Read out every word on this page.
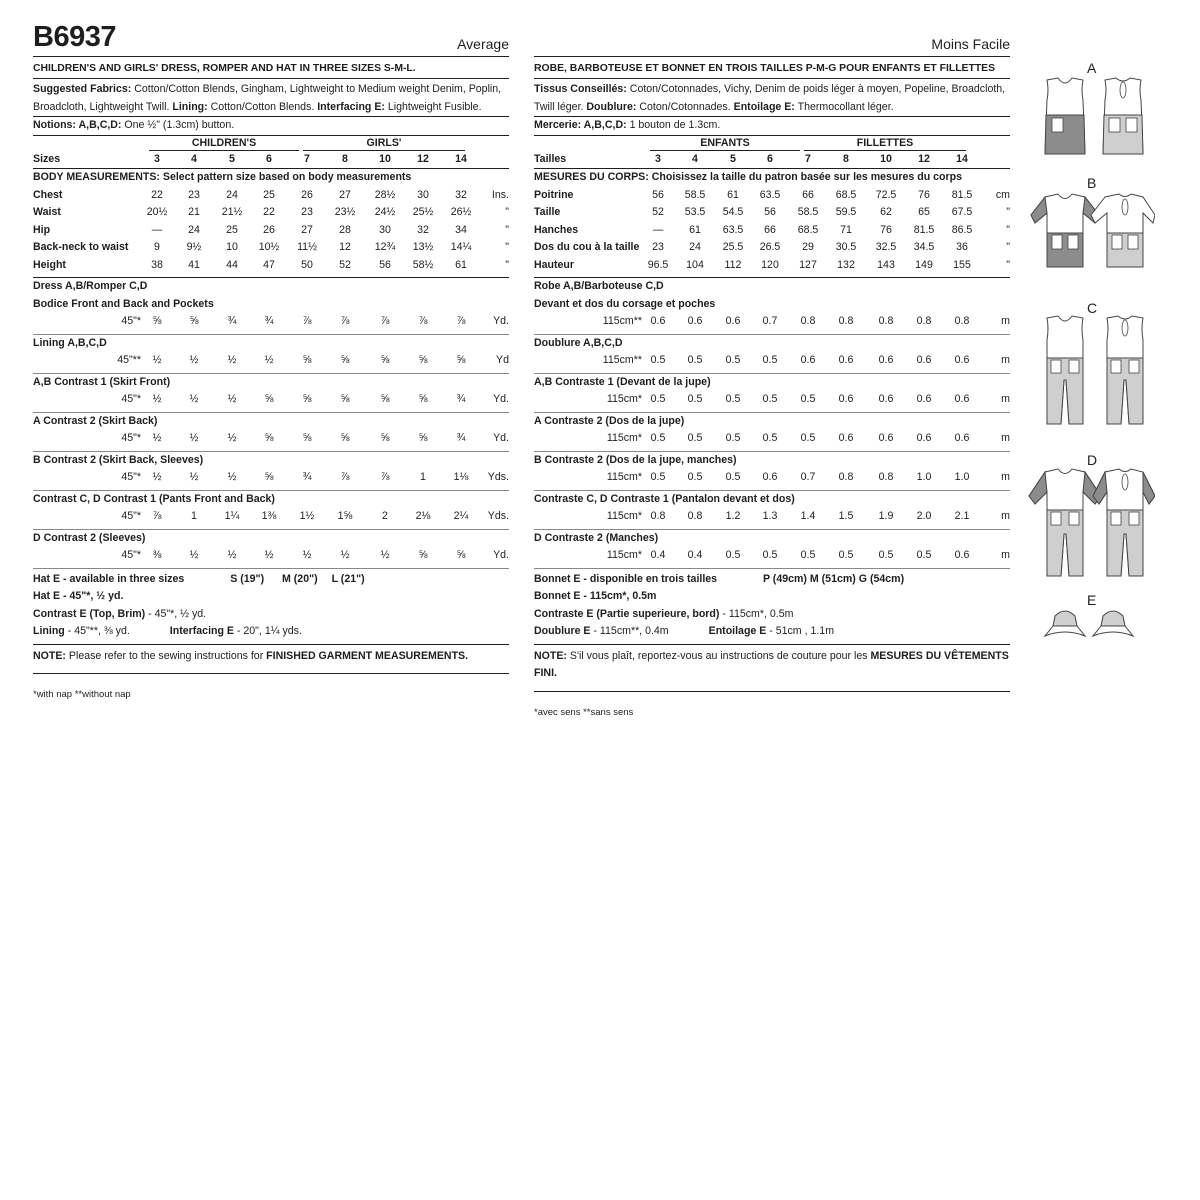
B6937	Average
CHILDREN'S AND GIRLS' DRESS, ROMPER AND HAT IN THREE SIZES S-M-L.
Suggested Fabrics: Cotton/Cotton Blends, Gingham, Lightweight to Medium weight Denim, Poplin, Broadcloth, Lightweight Twill. Lining: Cotton/Cotton Blends. Interfacing E: Lightweight Fusible.
Notions: A,B,C,D: One ½" (1.3cm) button.
CHILDREN'S	GIRLS'
Sizes	3	4	5	6	7	8	10	12	14
BODY MEASUREMENTS: Select pattern size based on body measurements
Chest	22	23	24	25	26	27	28½	30	32	Ins.
Waist	20½	21	21½	22	23	23½ 24½ 25½ 26½	"
Hip	—	24	25	26	27	28	30	32	34	"
Back-neck to waist	9	9½	10	10½ 11½	12	12¾ 13½ 14¼	"
Height	38	41	44	47	50	52	56	58½	61	"
Dress A,B/Romper C,D
Bodice Front and Back and Pockets
45"*	⅝	⅝	¾	¾	⅞	⅞	⅞	⅞	⅞	Yd.
Lining A,B,C,D
45"**	½	½	½	½	⅝	⅝	⅝	⅝	⅝	Yd
A,B Contrast 1 (Skirt Front)
45"*	½	½	½	⅝	⅝	⅝	⅝	⅝	¾	Yd.
A Contrast 2 (Skirt Back)
45"*	½	½	½	⅝	⅝	⅝	⅝	⅝	¾	Yd.
B Contrast 2 (Skirt Back, Sleeves)
45"*	½	½	½	⅝	¾	⅞	⅞	1	1⅛	Yds.
Contrast C, D Contrast 1 (Pants Front and Back)
45"*	⅞	1	1¼	1⅜	1½	1⅝	2	2⅛	2¼	Yds.
D Contrast 2 (Sleeves)
45"*	⅜	½	½	½	½	½	½	⅝	⅝	Yd.
Hat E - available in three sizes	S (19") M (20") L (21")
Hat E - 45"*, ½ yd.
Contrast E (Top, Brim) - 45"*, ½ yd.
Lining - 45"**, ⅜ yd.	Interfacing E - 20", 1¼ yds.
NOTE: Please refer to the sewing instructions for FINISHED GARMENT MEASUREMENTS.
*with nap **without nap
Moins Facile
ROBE, BARBOTEUSE ET BONNET EN TROIS TAILLES P-M-G POUR ENFANTS ET FILLETTES
Tissus Conseillés: Coton/Cotonnades, Vichy, Denim de poids léger à moyen, Popeline, Broadcloth, Twill léger. Doublure: Coton/Cotonnades. Entoilage E: Thermocollant léger.
Mercerie: A,B,C,D: 1 bouton de 1.3cm.
ENFANTS	FILLETTES
Tailles	3	4	5	6	7	8	10	12	14
MESURES DU CORPS: Choisissez la taille du patron basée sur les mesures du corps
Poitrine	56	58.5	61	63.5	66	68.5 72.5	76	81.5 cm
Taille	52	53.5 54.5	56	58.5 59.5	62	65	67.5	"
Hanches	—	61	63.5	66	68.5	71	76	81.5 86.5	"
Dos du cou à la taille	23	24	25.5 26.5	29	30.5 32.5 34.5	36	"
Hauteur	96.5 104	112	120 127 132 143 149 155	"
Robe A,B/Barboteuse C,D
Devant et dos du corsage et poches
115cm** 0.6	0.6	0.6	0.7	0.8	0.8	0.8	0.8	0.8	m
Doublure A,B,C,D
115cm** 0.5	0.5	0.5	0.5	0.6	0.6	0.6	0.6	0.6	m
A,B Contraste 1 (Devant de la jupe)
115cm* 0.5	0.5	0.5	0.5	0.5	0.6	0.6	0.6	0.6	m
A Contraste 2 (Dos de la jupe)
115cm* 0.5	0.5	0.5	0.5	0.5	0.6	0.6	0.6	0.6	m
B Contraste 2 (Dos de la jupe, manches)
115cm* 0.5	0.5	0.5	0.6	0.7	0.8	0.8	1.0	1.0	m
Contraste C, D Contraste 1 (Pantalon devant et dos)
115cm* 0.8	0.8	1.2	1.3	1.4	1.5	1.9	2.0	2.1	m
D Contraste 2 (Manches)
115cm* 0.4	0.4	0.5	0.5	0.5	0.5	0.5	0.5	0.6	m
Bonnet E - disponible en trois tailles	P (49cm) M (51cm) G (54cm)
Bonnet E - 115cm*, 0.5m
Contraste E (Partie superieure, bord) - 115cm*, 0.5m
Doublure E - 115cm**, 0.4m	Entoilage E - 51cm , 1.1m
NOTE: S'il vous plaît, reportez-vous au instructions de couture pour les MESURES DU VÊTEMENTS FINI.
*avec sens **sans sens
A
B
C
D
E
